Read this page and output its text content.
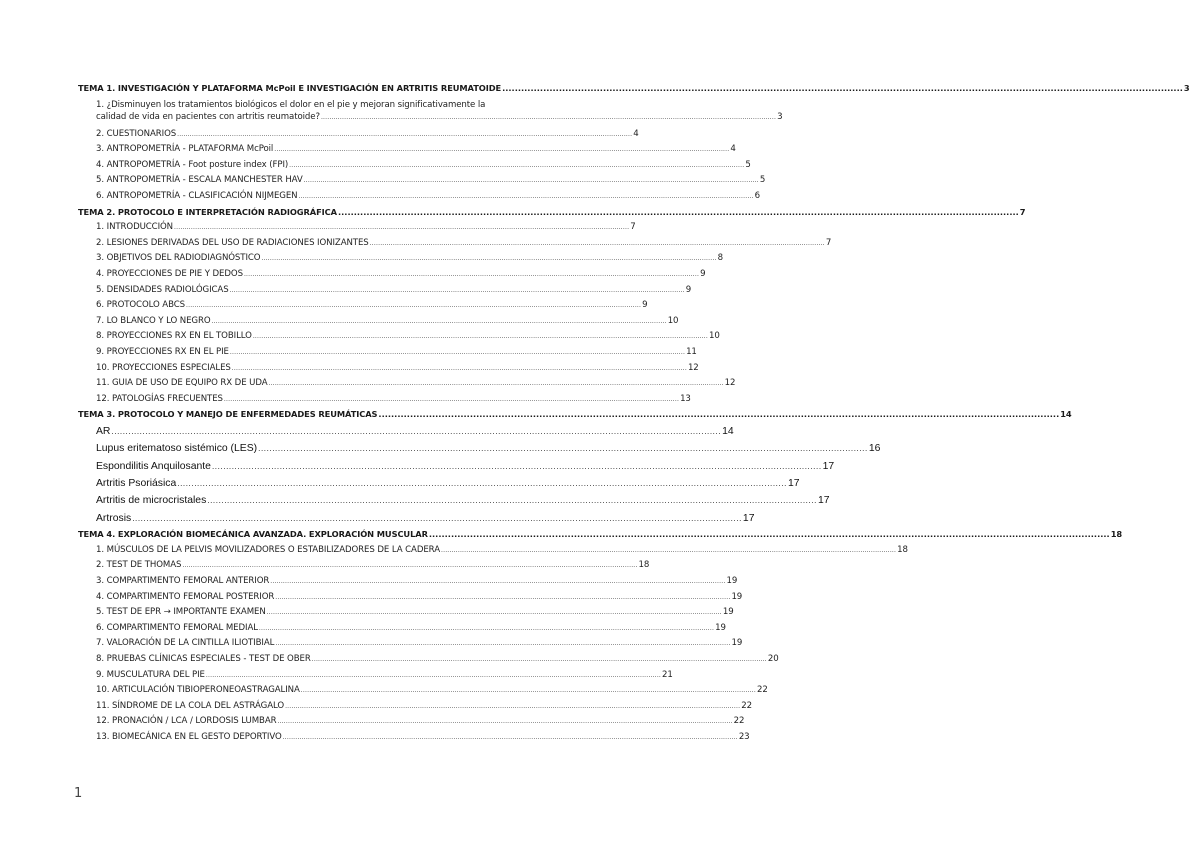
TEMA 1. INVESTIGACIÓN Y PLATAFORMA McPoil E INVESTIGACIÓN EN ARTRITIS REUMATOIDE .....	3
1. ¿Disminuyen los tratamientos biológicos el dolor en el pie y mejoran significativamente la
calidad de vida en pacientes con artritis reumatoide? .....	3
2. CUESTIONARIOS .....	4
3. ANTROPOMETRÍA - PLATAFORMA McPoil .....	4
4. ANTROPOMETRÍA - Foot posture index (FPI) .....	5
5. ANTROPOMETRÍA - ESCALA MANCHESTER HAV .....	5
6. ANTROPOMETRÍA - CLASIFICACIÓN NIJMEGEN .....	6
TEMA 2. PROTOCOLO E INTERPRETACIÓN RADIOGRÁFICA .....	7
1. INTRODUCCIÓN .....	7
2. LESIONES DERIVADAS DEL USO DE RADIACIONES IONIZANTES .....	7
3. OBJETIVOS DEL RADIODIAGNÓSTICO .....	8
4. PROYECCIONES DE PIE Y DEDOS .....	9
5. DENSIDADES RADIOLÓGICAS .....	9
6. PROTOCOLO ABCS .....	9
7. LO BLANCO Y LO NEGRO .....	10
8. PROYECCIONES RX EN EL TOBILLO .....	10
9. PROYECCIONES RX EN EL PIE .....	11
10. PROYECCIONES ESPECIALES .....	12
11. GUIA DE USO DE EQUIPO RX DE UDA .....	12
12. PATOLOGÍAS FRECUENTES .....	13
TEMA 3. PROTOCOLO Y MANEJO DE ENFERMEDADES REUMÁTICAS .....	14
AR .....	14
Lupus eritematoso sistémico (LES) .....	16
Espondilitis Anquilosante .....	17
Artritis Psoriásica .....	17
Artritis de microcristales .....	17
Artrosis .....	17
TEMA 4. EXPLORACIÓN BIOMECÁNICA AVANZADA. EXPLORACIÓN MUSCULAR .....	18
1. MÚSCULOS DE LA PELVIS MOVILIZADORES O ESTABILIZADORES DE LA CADERA .....	18
2. TEST DE THOMAS .....	18
3. COMPARTIMENTO FEMORAL ANTERIOR .....	19
4. COMPARTIMENTO FEMORAL POSTERIOR .....	19
5. TEST DE EPR → IMPORTANTE EXAMEN .....	19
6. COMPARTIMENTO FEMORAL MEDIAL .....	19
7. VALORACIÓN DE LA CINTILLA ILIOTIBIAL .....	19
8. PRUEBAS CLÍNICAS ESPECIALES - TEST DE OBER .....	20
9. MUSCULATURA DEL PIE .....	21
10. ARTICULACIÓN TIBIOPERONEOASTRAGALINA .....	22
11. SÍNDROME DE LA COLA DEL ASTRÁGALO .....	22
12. PRONACIÓN / LCA / LORDOSIS LUMBAR .....	22
13. BIOMECÁNICA EN EL GESTO DEPORTIVO .....	23
1
